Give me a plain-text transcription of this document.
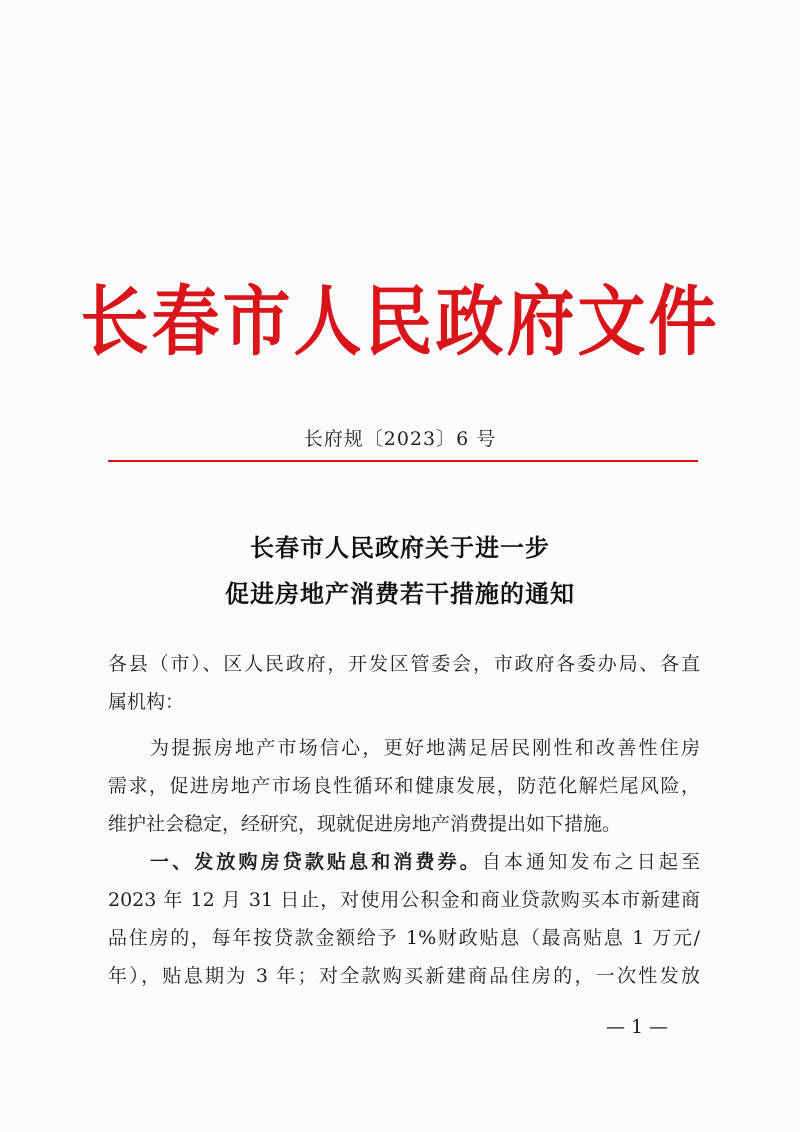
长春市人民政府文件
长府规〔2023〕6 号
长春市人民政府关于进一步
促进房地产消费若干措施的通知
各县（市）、区人民政府，开发区管委会，市政府各委办局、各直
属机构：
为提振房地产市场信心，更好地满足居民刚性和改善性住房
需求，促进房地产市场良性循环和健康发展，防范化解烂尾风险，
维护社会稳定，经研究，现就促进房地产消费提出如下措施。
一、发放购房贷款贴息和消费券。自本通知发布之日起至
2023 年 12 月 31 日止，对使用公积金和商业贷款购买本市新建商
品住房的，每年按贷款金额给予 1%财政贴息（最高贴息 1 万元/
年），贴息期为 3 年；对全款购买新建商品住房的，一次性发放
— 1 —
